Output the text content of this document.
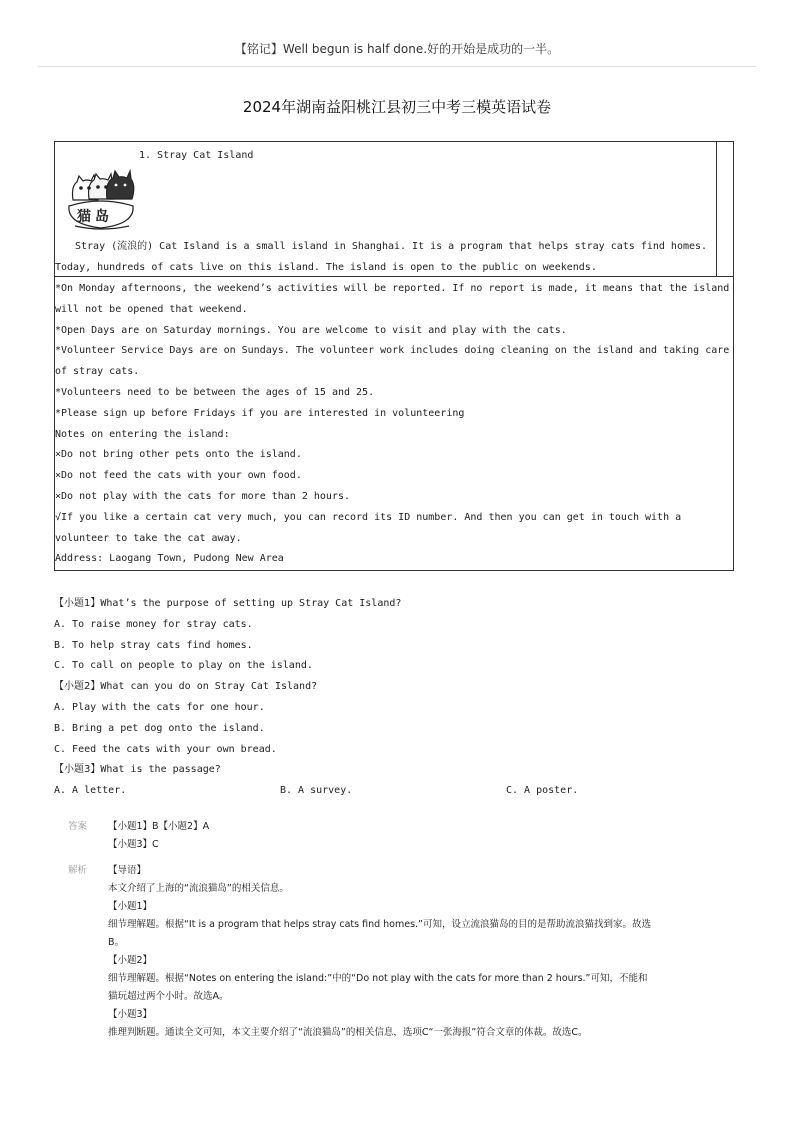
【铭记】Well begun is half done.好的开始是成功的一半。
2024年湖南益阳桃江县初三中考三模英语试卷
1. Stray Cat Island
猫岛
Stray (流浪的) Cat Island is a small island in Shanghai. It is a program that helps stray cats find homes.
Today, hundreds of cats live on this island. The island is open to the public on weekends.
*On Monday afternoons, the weekend’s activities will be reported. If no report is made, it means that the island
will not be opened that weekend.
*Open Days are on Saturday mornings. You are welcome to visit and play with the cats.
*Volunteer Service Days are on Sundays. The volunteer work includes doing cleaning on the island and taking care
of stray cats.
*Volunteers need to be between the ages of 15 and 25.
*Please sign up before Fridays if you are interested in volunteering
Notes on entering the island:
×Do not bring other pets onto the island.
×Do not feed the cats with your own food.
×Do not play with the cats for more than 2 hours.
√If you like a certain cat very much, you can record its ID number. And then you can get in touch with a
volunteer to take the cat away.
Address: Laogang Town, Pudong New Area
【小题1】What’s the purpose of setting up Stray Cat Island?
A. To raise money for stray cats.
B. To help stray cats find homes.
C. To call on people to play on the island.
【小题2】What can you do on Stray Cat Island?
A. Play with the cats for one hour.
B. Bring a pet dog onto the island.
C. Feed the cats with your own bread.
【小题3】What is the passage?
A. A letter.	B. A survey.	C. A poster.
答案	【小题1】B【小题2】A
【小题3】C
解析	【导语】
本文介绍了上海的“流浪猫岛”的相关信息。
【小题1】
细节理解题。根据“It is a program that helps stray cats find homes.”可知，设立流浪猫岛的目的是帮助流浪猫找到家。故选
B。
【小题2】
细节理解题。根据“Notes on entering the island:”中的“Do not play with the cats for more than 2 hours.”可知，不能和
猫玩超过两个小时。故选A。
【小题3】
推理判断题。通读全文可知，本文主要介绍了“流浪猫岛”的相关信息，选项C“一张海报”符合文章的体裁。故选C。
